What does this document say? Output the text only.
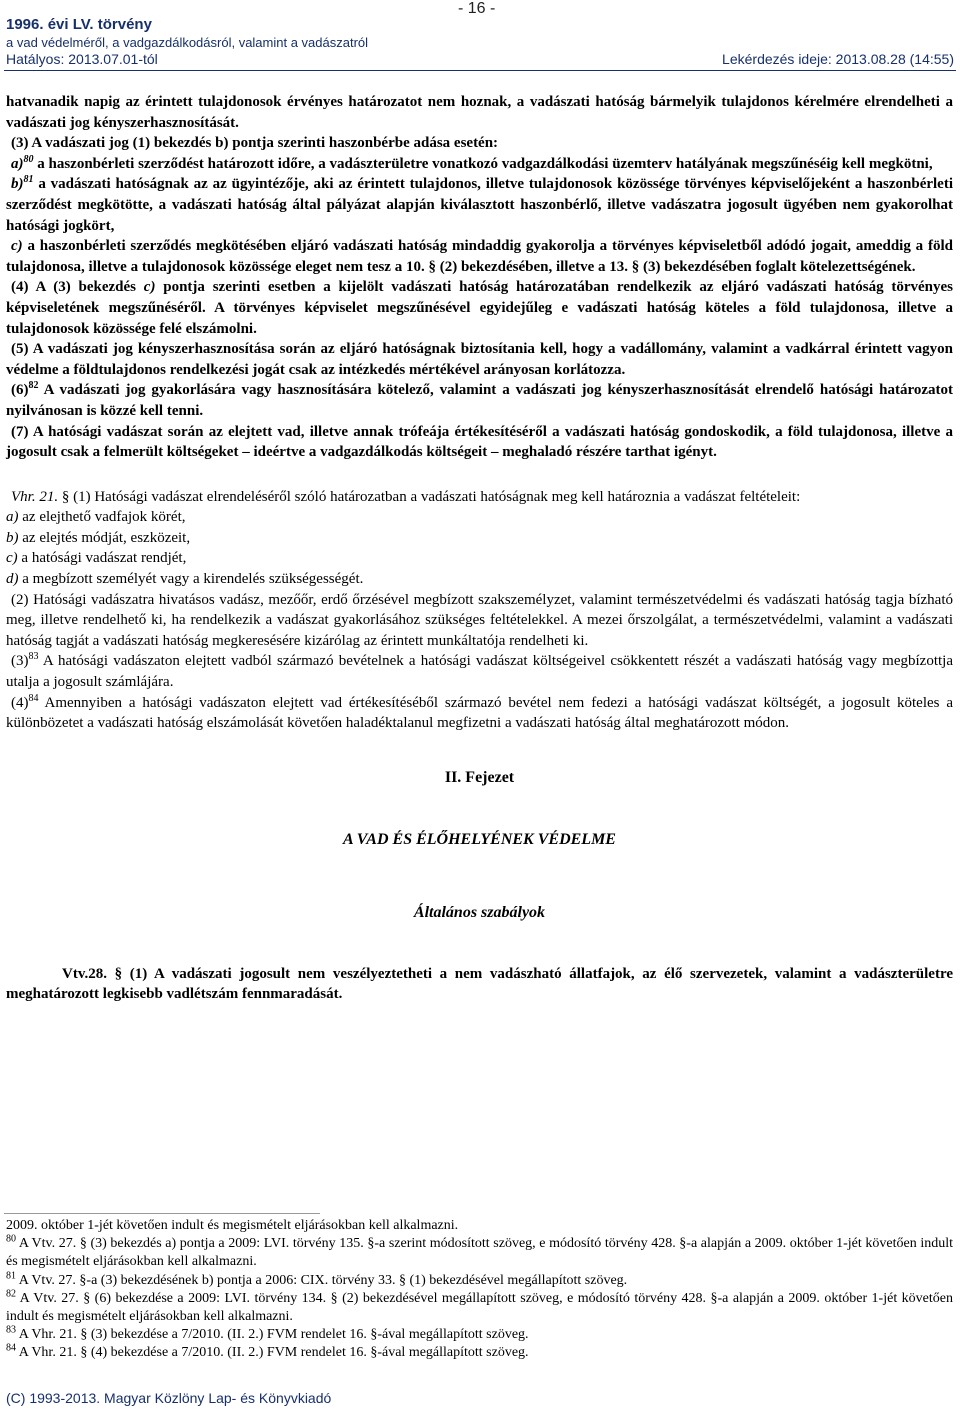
- 16 -
1996. évi LV. törvény
a vad védelméről, a vadgazdálkodásról, valamint a vadászatról
Hatályos: 2013.07.01-tól	Lekérdezés ideje: 2013.08.28 (14:55)

hatvanadik napig az érintett tulajdonosok érvényes határozatot nem hoznak, a vadászati hatóság bármelyik tulajdonos kérelmére elrendelheti a vadászati jog kényszerhasznosítását.

(3) A vadászati jog (1) bekezdés b) pontja szerinti haszonbérbe adása esetén:

a)$^{80}$ a haszonbérleti szerződést határozott időre, a vadászterületre vonatkozó vadgazdálkodási üzemterv hatályának megszűnéséig kell megkötni,

b)$^{81}$ a vadászati hatóságnak az az ügyintézője, aki az érintett tulajdonos, illetve tulajdonosok közössége törvényes képviselőjeként a haszonbérleti szerződést megkötötte, a vadászati hatóság által pályázat alapján kiválasztott haszonbérlő, illetve vadászatra jogosult ügyében nem gyakorolhat hatósági jogkört,

c) a haszonbérleti szerződés megkötésében eljáró vadászati hatóság mindaddig gyakorolja a törvényes képviseletből adódó jogait, ameddig a föld tulajdonosa, illetve a tulajdonosok közössége eleget nem tesz a 10. § (2) bekezdésében, illetve a 13. § (3) bekezdésében foglalt kötelezettségének.

(4) A (3) bekezdés c) pontja szerinti esetben a kijelölt vadászati hatóság határozatában rendelkezik az eljáró vadászati hatóság törvényes képviseletének megszűnéséről. A törvényes képviselet megszűnésével egyidejűleg e vadászati hatóság köteles a föld tulajdonosa, illetve a tulajdonosok közössége felé elszámolni.

(5) A vadászati jog kényszerhasznosítása során az eljáró hatóságnak biztosítania kell, hogy a vadállomány, valamint a vadkárral érintett vagyon védelme a földtulajdonos rendelkezési jogát csak az intézkedés mértékével arányosan korlátozza.

$(6)^{82}$ A vadászati jog gyakorlására vagy hasznosítására kötelező, valamint a vadászati jog kényszerhasznosítását elrendelő hatósági határozatot nyilvánosan is közzé kell tenni.

(7) A hatósági vadászat során az elejtett vad, illetve annak trófeája értékesítéséről a vadászati hatóság gondoskodik, a föld tulajdonosa, illetve a jogosult csak a felmerült költségeket – ideértve a vadgazdálkodás költségeit – meghaladó részére tarthat igényt.

Vhr. 21. § (1) Hatósági vadászat elrendeléséről szóló határozatban a vadászati hatóságnak meg kell határoznia a vadászat feltételeit:

a) az elejthető vadfajok körét,

b) az elejtés módját, eszközeit,

c) a hatósági vadászat rendjét,

d) a megbízott személyét vagy a kirendelés szükségességét.

(2) Hatósági vadászatra hivatásos vadász, mezőőr, erdő őrzésével megbízott szakszemélyzet, valamint természetvédelmi és vadászati hatóság tagja bízható meg, illetve rendelhető ki, ha rendelkezik a vadászat gyakorlásához szükséges feltételekkel. A mezei őrszolgálat, a természetvédelmi, valamint a vadászati hatóság tagját a vadászati hatóság megkeresésére kizárólag az érintett munkáltatója rendelheti ki.

$(3)^{83}$ A hatósági vadászaton elejtett vadból származó bevételnek a hatósági vadászat költségeivel csökkentett részét a vadászati hatóság vagy megbízottja utalja a jogosult számlájára.

$(4)^{84}$ Amennyiben a hatósági vadászaton elejtett vad értékesítéséből származó bevétel nem fedezi a hatósági vadászat költségét, a jogosult köteles a különbözetet a vadászati hatóság elszámolását követően haladéktalanul megfizetni a vadászati hatóság által meghatározott módon.

II. Fejezet

A VAD ÉS ÉLŐHELYÉNEK VÉDELME

Általános szabályok

Vtv.28. § (1) A vadászati jogosult nem veszélyeztetheti a nem vadászható állatfajok, az élő szervezetek, valamint a vadászterületre meghatározott legkisebb vadlétszám fennmaradását.

2009. október 1-jét követően indult és megismételt eljárásokban kell alkalmazni.

$^{80}$ A Vtv. 27. § (3) bekezdés a) pontja a 2009: LVI. törvény 135. §-a szerint módosított szöveg, e módosító törvény 428. §-a alapján a 2009. október 1-jét követően indult és megismételt eljárásokban kell alkalmazni.

$^{81}$ A Vtv. 27. §-a (3) bekezdésének b) pontja a 2006: CIX. törvény 33. § (1) bekezdésével megállapított szöveg.

$^{82}$ A Vtv. 27. § (6) bekezdése a 2009: LVI. törvény 134. § (2) bekezdésével megállapított szöveg, e módosító törvény 428. §-a alapján a 2009. október 1-jét követően indult és megismételt eljárásokban kell alkalmazni.

$^{83}$ A Vhr. 21. § (3) bekezdése a 7/2010. (II. 2.) FVM rendelet 16. §-ával megállapított szöveg.

$^{84}$ A Vhr. 21. § (4) bekezdése a 7/2010. (II. 2.) FVM rendelet 16. §-ával megállapított szöveg.

(C) 1993-2013. Magyar Közlöny Lap- és Könyvkiadó
